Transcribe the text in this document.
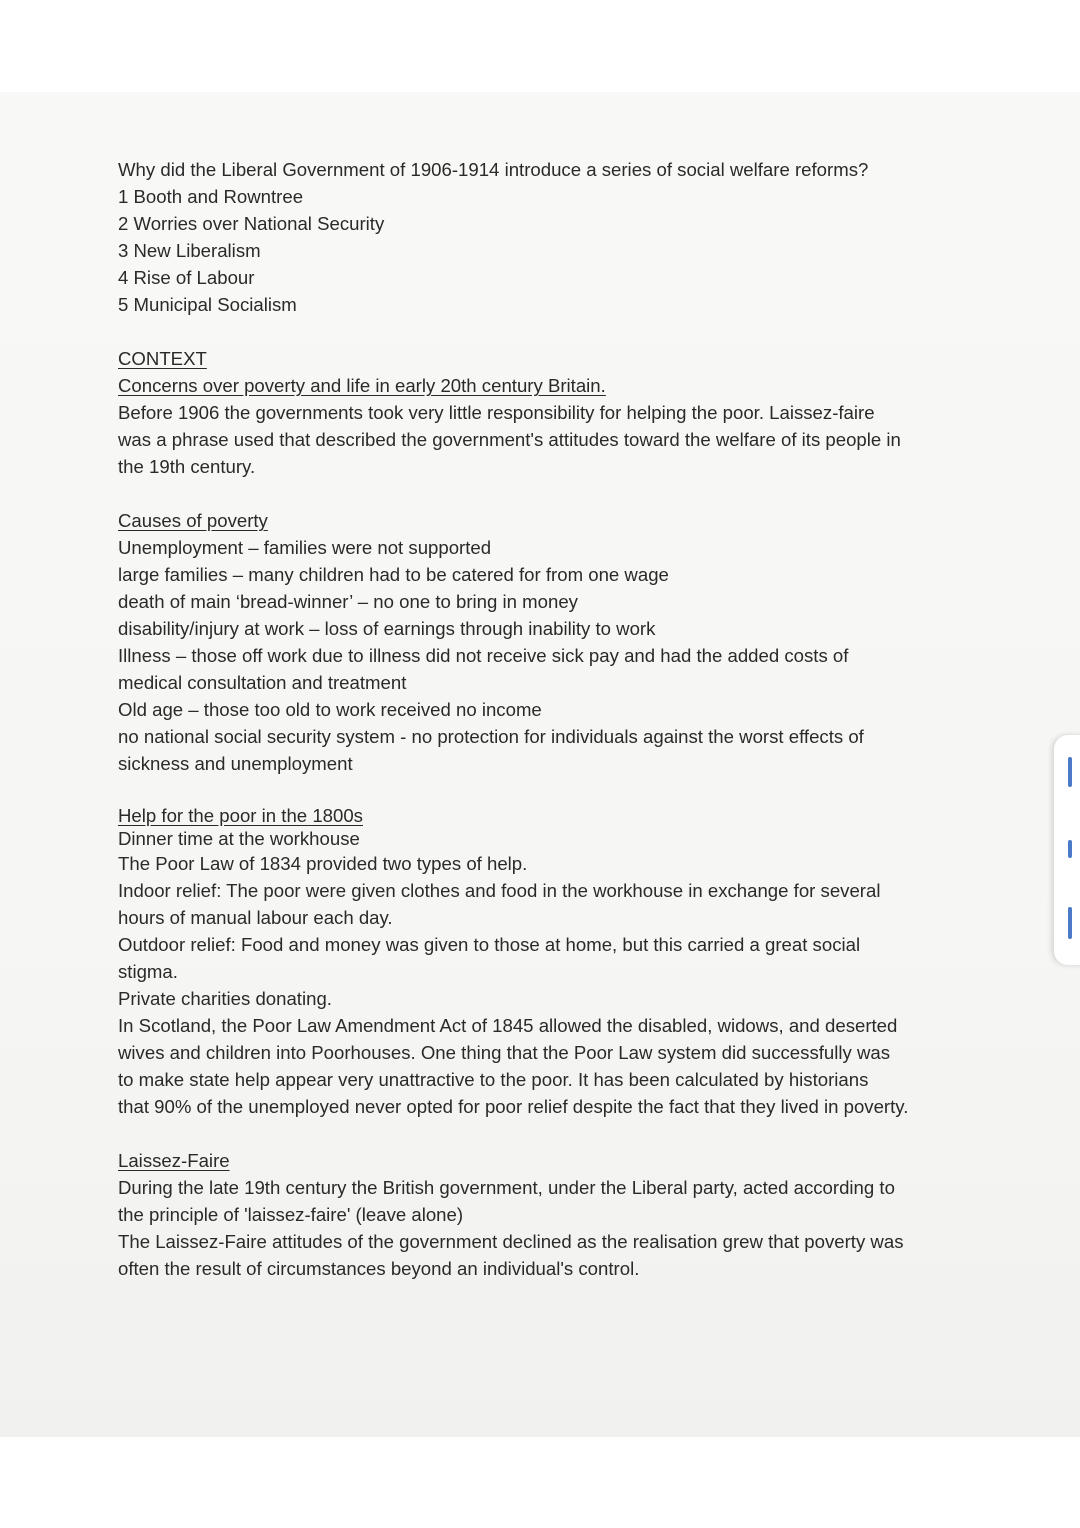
Why did the Liberal Government of 1906-1914 introduce a series of social welfare reforms?

1 Booth and Rowntree

2 Worries over National Security

3 New Liberalism

4 Rise of Labour

5 Municipal Socialism

CONTEXT

Concerns over poverty and life in early 20th century Britain.

Before 1906 the governments took very little responsibility for helping the poor. Laissez-faire

was a phrase used that described the government's attitudes toward the welfare of its people in

the 19th century.

Causes of poverty

Unemployment – families were not supported

large families – many children had to be catered for from one wage

death of main ‘bread-winner’ – no one to bring in money

disability/injury at work – loss of earnings through inability to work

Illness – those off work due to illness did not receive sick pay and had the added costs of

medical consultation and treatment

Old age – those too old to work received no income

no national social security system - no protection for individuals against the worst effects of

sickness and unemployment

Help for the poor in the 1800s

Dinner time at the workhouse

The Poor Law of 1834 provided two types of help.

Indoor relief: The poor were given clothes and food in the workhouse in exchange for several

hours of manual labour each day.

Outdoor relief: Food and money was given to those at home, but this carried a great social

stigma.

Private charities donating.

In Scotland, the Poor Law Amendment Act of 1845 allowed the disabled, widows, and deserted

wives and children into Poorhouses. One thing that the Poor Law system did successfully was

to make state help appear very unattractive to the poor. It has been calculated by historians

that 90% of the unemployed never opted for poor relief despite the fact that they lived in poverty.

Laissez-Faire

During the late 19th century the British government, under the Liberal party, acted according to

the principle of 'laissez-faire' (leave alone)

The Laissez-Faire attitudes of the government declined as the realisation grew that poverty was

often the result of circumstances beyond an individual's control.
